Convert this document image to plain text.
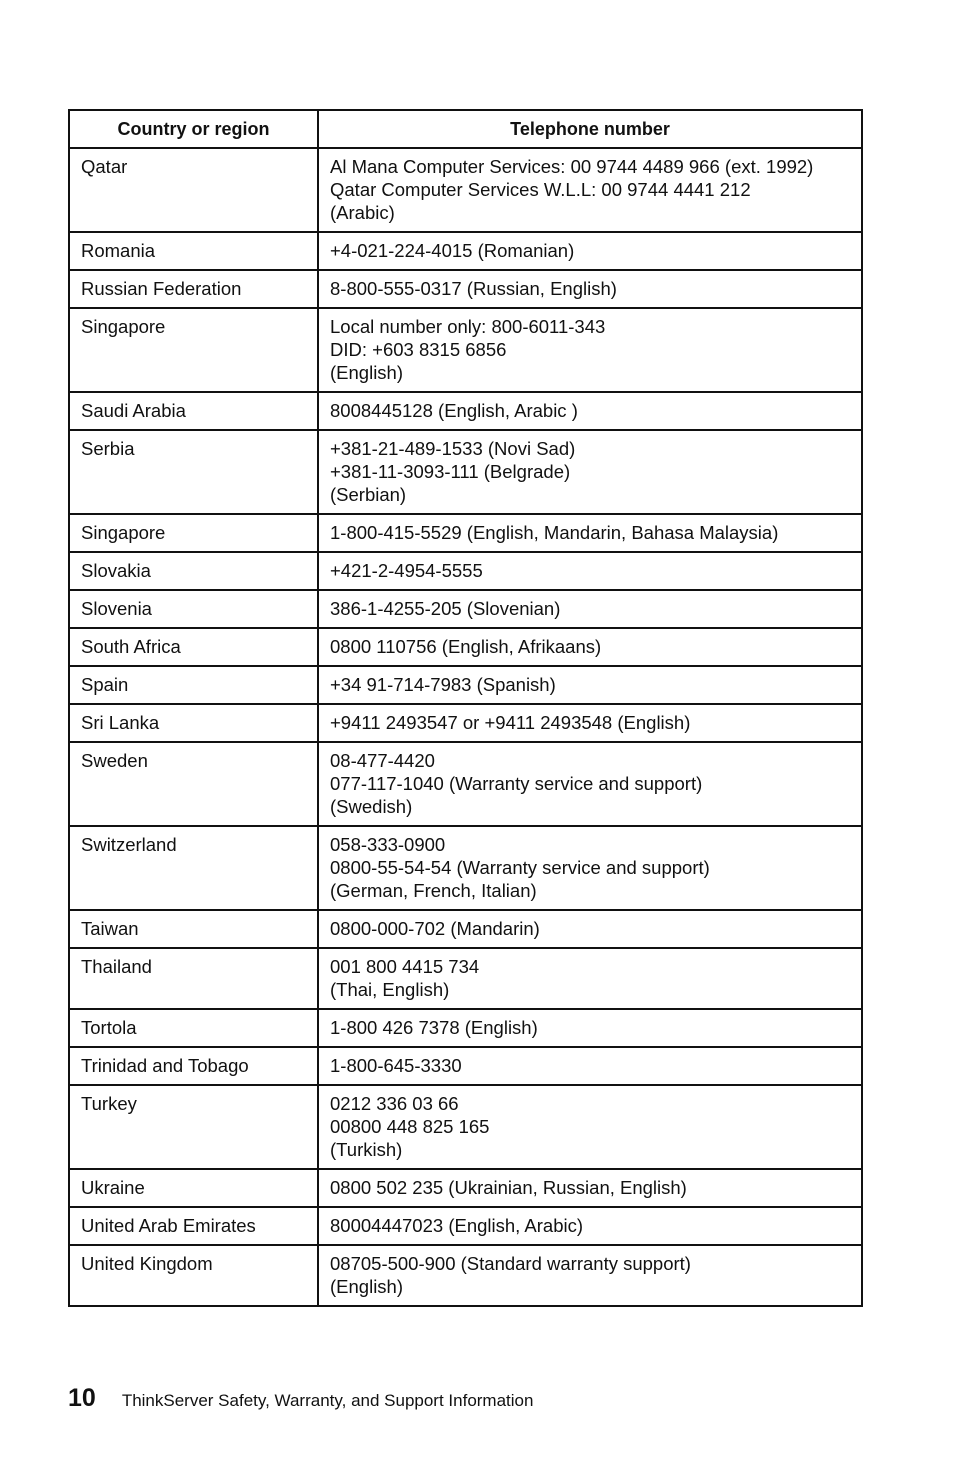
Country or region	Telephone number
Qatar	Al Mana Computer Services: 00 9744 4489 966 (ext. 1992)
Qatar Computer Services W.L.L: 00 9744 4441 212
(Arabic)

Romania	+4-021-224-4015 (Romanian)

Russian Federation	8-800-555-0317 (Russian, English)

Singapore	Local number only: 800-6011-343
DID: +603 8315 6856
(English)

Saudi Arabia	8008445128 (English, Arabic )

Serbia	+381-21-489-1533 (Novi Sad)
+381-11-3093-111 (Belgrade)
(Serbian)

Singapore	1-800-415-5529 (English, Mandarin, Bahasa Malaysia)

Slovakia	+421-2-4954-5555

Slovenia	386-1-4255-205 (Slovenian)

South Africa	0800 110756 (English, Afrikaans)

Spain	+34 91-714-7983 (Spanish)

Sri Lanka	+9411 2493547 or +9411 2493548 (English)

Sweden	08-477-4420
077-117-1040 (Warranty service and support)
(Swedish)

Switzerland	058-333-0900
0800-55-54-54 (Warranty service and support)
(German, French, Italian)

Taiwan	0800-000-702 (Mandarin)

Thailand	001 800 4415 734
(Thai, English)

Tortola	1-800 426 7378 (English)

Trinidad and Tobago	1-800-645-3330

Turkey	0212 336 03 66
00800 448 825 165
(Turkish)

Ukraine	0800 502 235 (Ukrainian, Russian, English)

United Arab Emirates	80004447023 (English, Arabic)

United Kingdom	08705-500-900 (Standard warranty support)
(English)
10 ThinkServer Safety, Warranty, and Support Information
